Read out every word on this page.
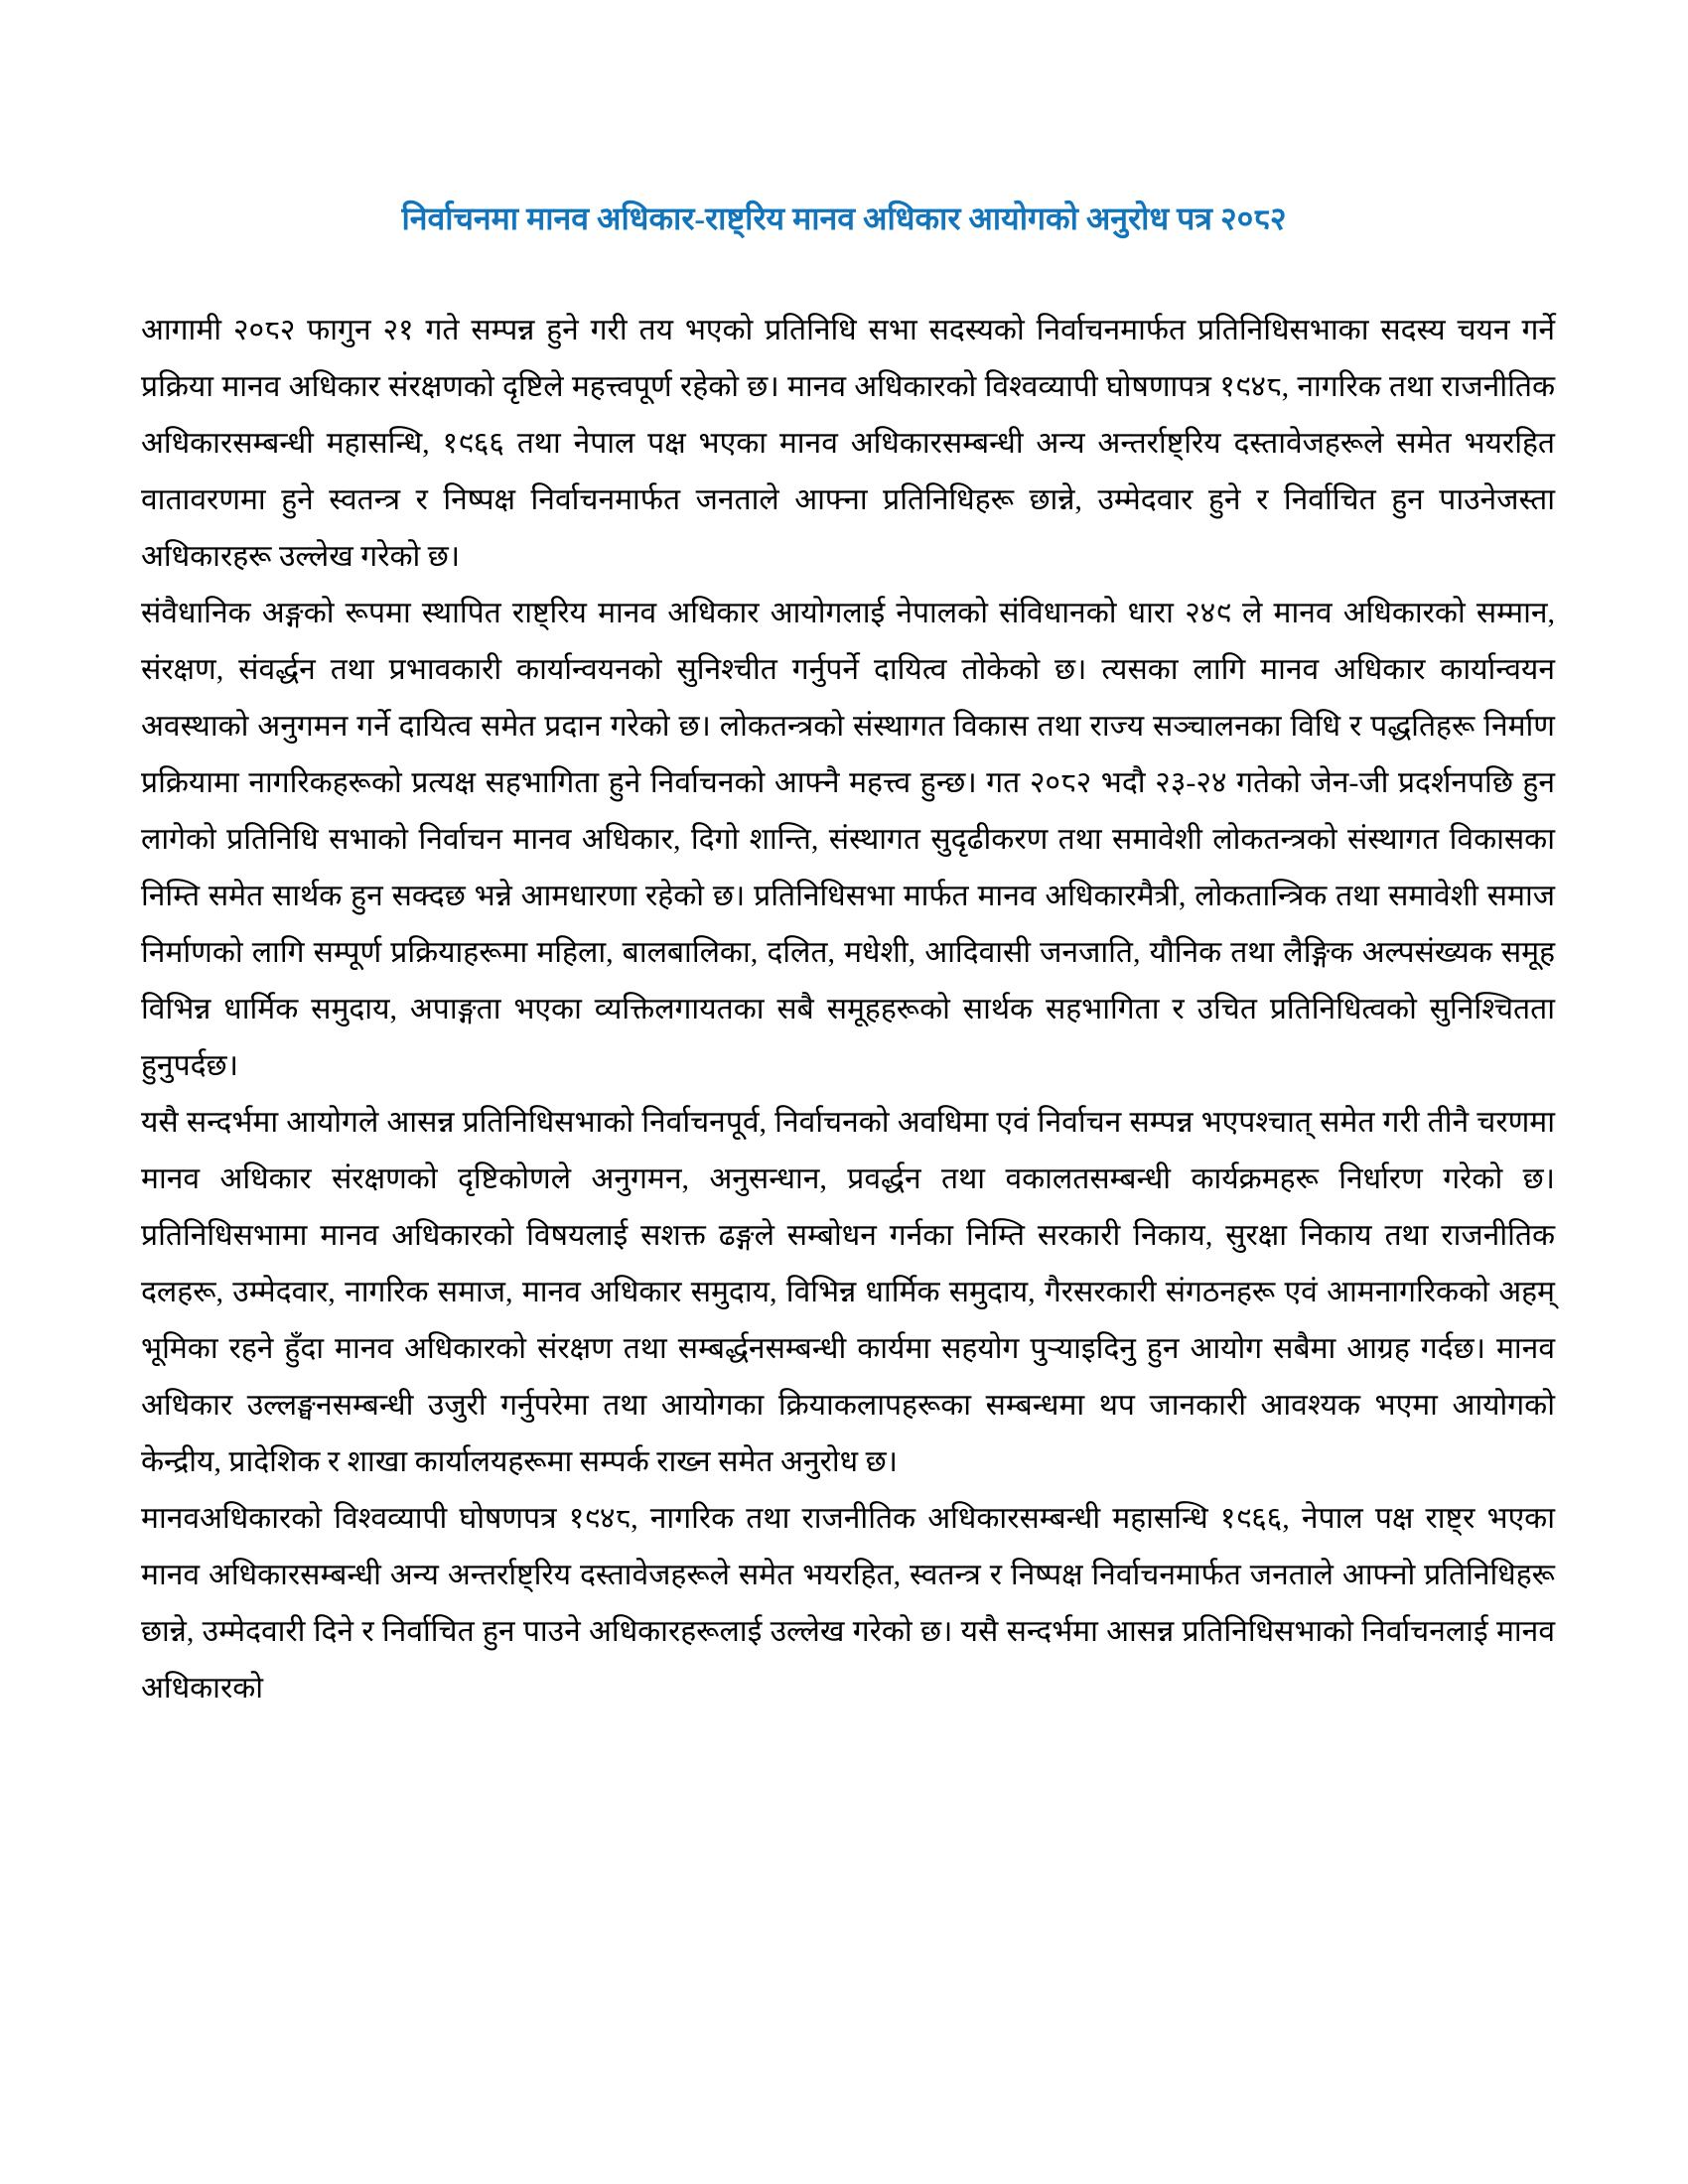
निर्वाचनमा मानव अधिकार-राष्ट्रिय मानव अधिकार आयोगको अनुरोध पत्र २०८२

आगामी २०८२ फागुन २१ गते सम्पन्न हुने गरी तय भएको प्रतिनिधि सभा सदस्यको निर्वाचनमार्फत प्रतिनिधिसभाका सदस्य चयन गर्ने प्रक्रिया मानव अधिकार संरक्षणको दृष्टिले महत्त्वपूर्ण रहेको छ। मानव अधिकारको विश्वव्यापी घोषणापत्र १९४८, नागरिक तथा राजनीतिक अधिकारसम्बन्धी महासन्धि, १९६६ तथा नेपाल पक्ष भएका मानव अधिकारसम्बन्धी अन्य अन्तर्राष्ट्रिय दस्तावेजहरूले समेत भयरहित वातावरणमा हुने स्वतन्त्र र निष्पक्ष निर्वाचनमार्फत जनताले आफ्ना प्रतिनिधिहरू छान्ने, उम्मेदवार हुने र निर्वाचित हुन पाउनेजस्ता अधिकारहरू उल्लेख गरेको छ।

संवैधानिक अङ्गको रूपमा स्थापित राष्ट्रिय मानव अधिकार आयोगलाई नेपालको संविधानको धारा २४९ ले मानव अधिकारको सम्मान, संरक्षण, संवर्द्धन तथा प्रभावकारी कार्यान्वयनको सुनिश्चीत गर्नुपर्ने दायित्व तोकेको छ। त्यसका लागि मानव अधिकार कार्यान्वयन अवस्थाको अनुगमन गर्ने दायित्व समेत प्रदान गरेको छ। लोकतन्त्रको संस्थागत विकास तथा राज्य सञ्चालनका विधि र पद्धतिहरू निर्माण प्रक्रियामा नागरिकहरूको प्रत्यक्ष सहभागिता हुने निर्वाचनको आफ्नै महत्त्व हुन्छ। गत २०८२ भदौ २३-२४ गतेको जेन-जी प्रदर्शनपछि हुन लागेको प्रतिनिधि सभाको निर्वाचन मानव अधिकार, दिगो शान्ति, संस्थागत सुदृढीकरण तथा समावेशी लोकतन्त्रको संस्थागत विकासका निम्ति समेत सार्थक हुन सक्दछ भन्ने आमधारणा रहेको छ। प्रतिनिधिसभा मार्फत मानव अधिकारमैत्री, लोकतान्त्रिक तथा समावेशी समाज निर्माणको लागि सम्पूर्ण प्रक्रियाहरूमा महिला, बालबालिका, दलित, मधेशी, आदिवासी जनजाति, यौनिक तथा लैङ्गिक अल्पसंख्यक समूह विभिन्न धार्मिक समुदाय, अपाङ्गता भएका व्यक्तिलगायतका सबै समूहहरूको सार्थक सहभागिता र उचित प्रतिनिधित्वको सुनिश्चितता हुनुपर्दछ।

यसै सन्दर्भमा आयोगले आसन्न प्रतिनिधिसभाको निर्वाचनपूर्व, निर्वाचनको अवधिमा एवं निर्वाचन सम्पन्न भएपश्चात् समेत गरी तीनै चरणमा मानव अधिकार संरक्षणको दृष्टिकोणले अनुगमन, अनुसन्धान, प्रवर्द्धन तथा वकालतसम्बन्धी कार्यक्रमहरू निर्धारण गरेको छ। प्रतिनिधिसभामा मानव अधिकारको विषयलाई सशक्त ढङ्गले सम्बोधन गर्नका निम्ति सरकारी निकाय, सुरक्षा निकाय तथा राजनीतिक दलहरू, उम्मेदवार, नागरिक समाज, मानव अधिकार समुदाय, विभिन्न धार्मिक समुदाय, गैरसरकारी संगठनहरू एवं आमनागरिकको अहम् भूमिका रहने हुँदा मानव अधिकारको संरक्षण तथा सम्बर्द्धनसम्बन्धी कार्यमा सहयोग पुऱ्याइदिनु हुन आयोग सबैमा आग्रह गर्दछ। मानव अधिकार उल्लङ्घनसम्बन्धी उजुरी गर्नुपरेमा तथा आयोगका क्रियाकलापहरूका सम्बन्धमा थप जानकारी आवश्यक भएमा आयोगको केन्द्रीय, प्रादेशिक र शाखा कार्यालयहरूमा सम्पर्क राख्न समेत अनुरोध छ।

मानवअधिकारको विश्वव्यापी घोषणपत्र १९४८, नागरिक तथा राजनीतिक अधिकारसम्बन्धी महासन्धि १९६६, नेपाल पक्ष राष्ट्र भएका मानव अधिकारसम्बन्धी अन्य अन्तर्राष्ट्रिय दस्तावेजहरूले समेत भयरहित, स्वतन्त्र र निष्पक्ष निर्वाचनमार्फत जनताले आफ्नो प्रतिनिधिहरू छान्ने, उम्मेदवारी दिने र निर्वाचित हुन पाउने अधिकारहरूलाई उल्लेख गरेको छ। यसै सन्दर्भमा आसन्न प्रतिनिधिसभाको निर्वाचनलाई मानव अधिकारको
